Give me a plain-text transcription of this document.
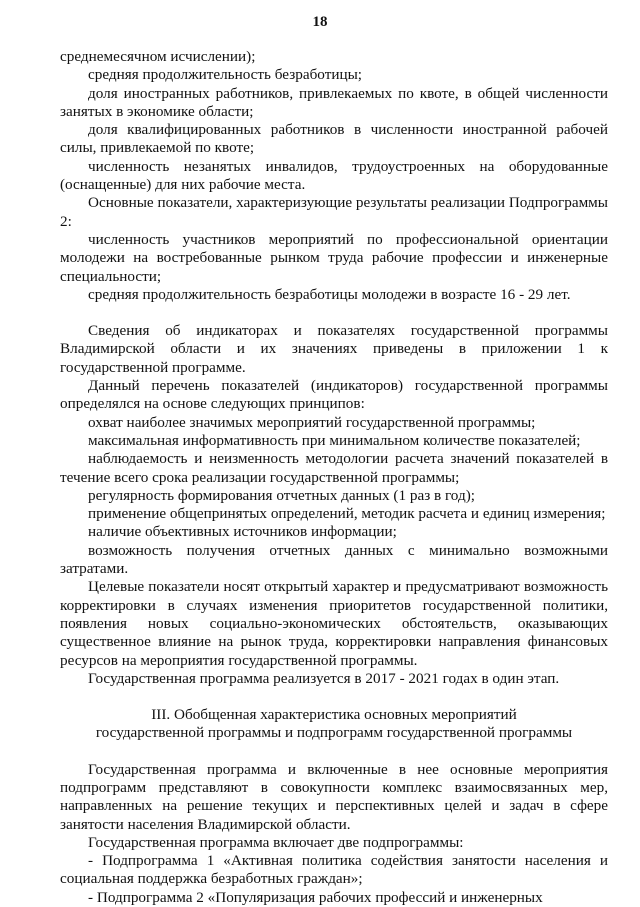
18

среднемесячном исчислении);

средняя продолжительность безработицы;

доля иностранных работников, привлекаемых по квоте, в общей численности занятых в экономике области;

доля квалифицированных работников в численности иностранной рабочей силы, привлекаемой по квоте;

численность незанятых инвалидов, трудоустроенных на оборудованные (оснащенные) для них рабочие места.

Основные показатели, характеризующие результаты реализации Подпрограммы 2:

численность участников мероприятий по профессиональной ориентации молодежи на востребованные рынком труда рабочие профессии и инженерные специальности;

средняя продолжительность безработицы молодежи в возрасте 16 - 29 лет.

Сведения об индикаторах и показателях государственной программы Владимирской области и их значениях приведены в приложении 1 к государственной программе.

Данный перечень показателей (индикаторов) государственной программы определялся на основе следующих принципов:

охват наиболее значимых мероприятий государственной программы;

максимальная информативность при минимальном количестве показателей;

наблюдаемость и неизменность методологии расчета значений показателей в течение всего срока реализации государственной программы;

регулярность формирования отчетных данных (1 раз в год);

применение общепринятых определений, методик расчета и единиц измерения;

наличие объективных источников информации;

возможность получения отчетных данных с минимально возможными затратами.

Целевые показатели носят открытый характер и предусматривают возможность корректировки в случаях изменения приоритетов государственной политики, появления новых социально-экономических обстоятельств, оказывающих существенное влияние на рынок труда, корректировки направления финансовых ресурсов на мероприятия государственной программы.

Государственная программа реализуется в 2017 - 2021 годах в один этап.

III. Обобщенная характеристика основных мероприятий
государственной программы и подпрограмм государственной программы

Государственная программа и включенные в нее основные мероприятия подпрограмм представляют в совокупности комплекс взаимосвязанных мер, направленных на решение текущих и перспективных целей и задач в сфере занятости населения Владимирской области.

Государственная программа включает две подпрограммы:

- Подпрограмма 1 «Активная политика содействия занятости населения и социальная поддержка безработных граждан»;

- Подпрограмма 2 «Популяризация рабочих профессий и инженерных
